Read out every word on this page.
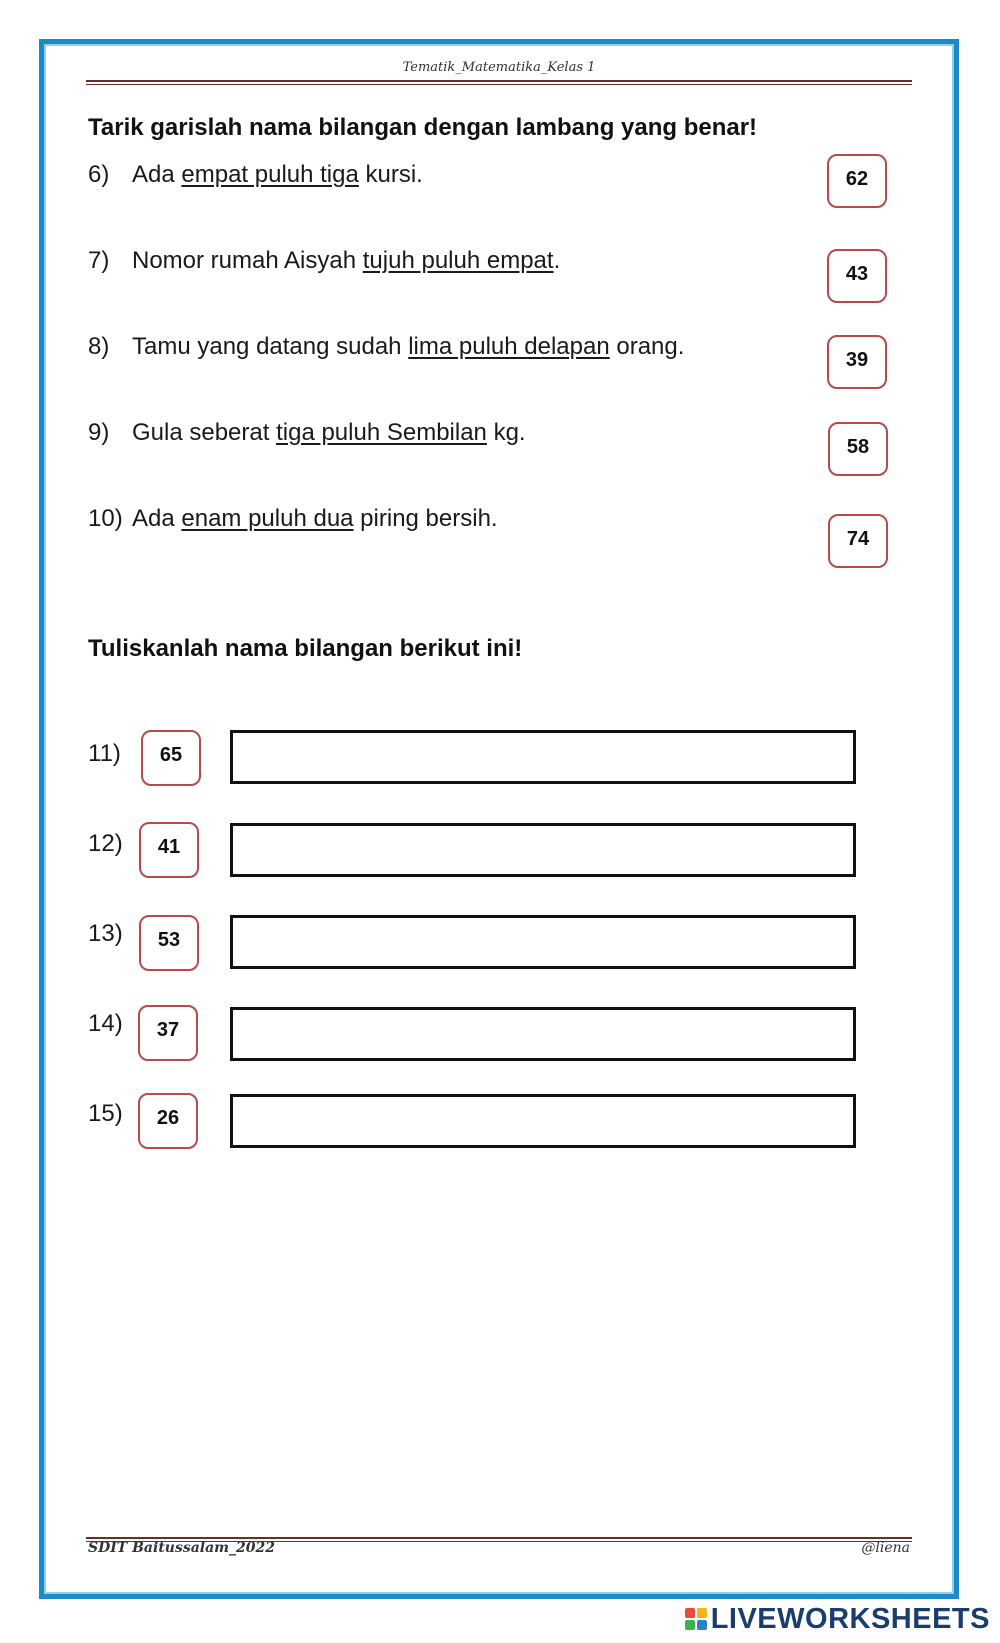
Tematik_Matematika_Kelas 1
Tarik garislah nama bilangan dengan lambang yang benar!
6) Ada empat puluh tiga kursi.
7) Nomor rumah Aisyah tujuh puluh empat.
8) Tamu yang datang sudah lima puluh delapan orang.
9) Gula seberat tiga puluh Sembilan kg.
10) Ada enam puluh dua piring bersih.
62
43
39
58
74
Tuliskanlah nama bilangan berikut ini!
11)	65
12)	41
13)	53
14)	37
15)	26
SDIT Baitussalam_2022	@liena
LIVEWORKSHEETS
